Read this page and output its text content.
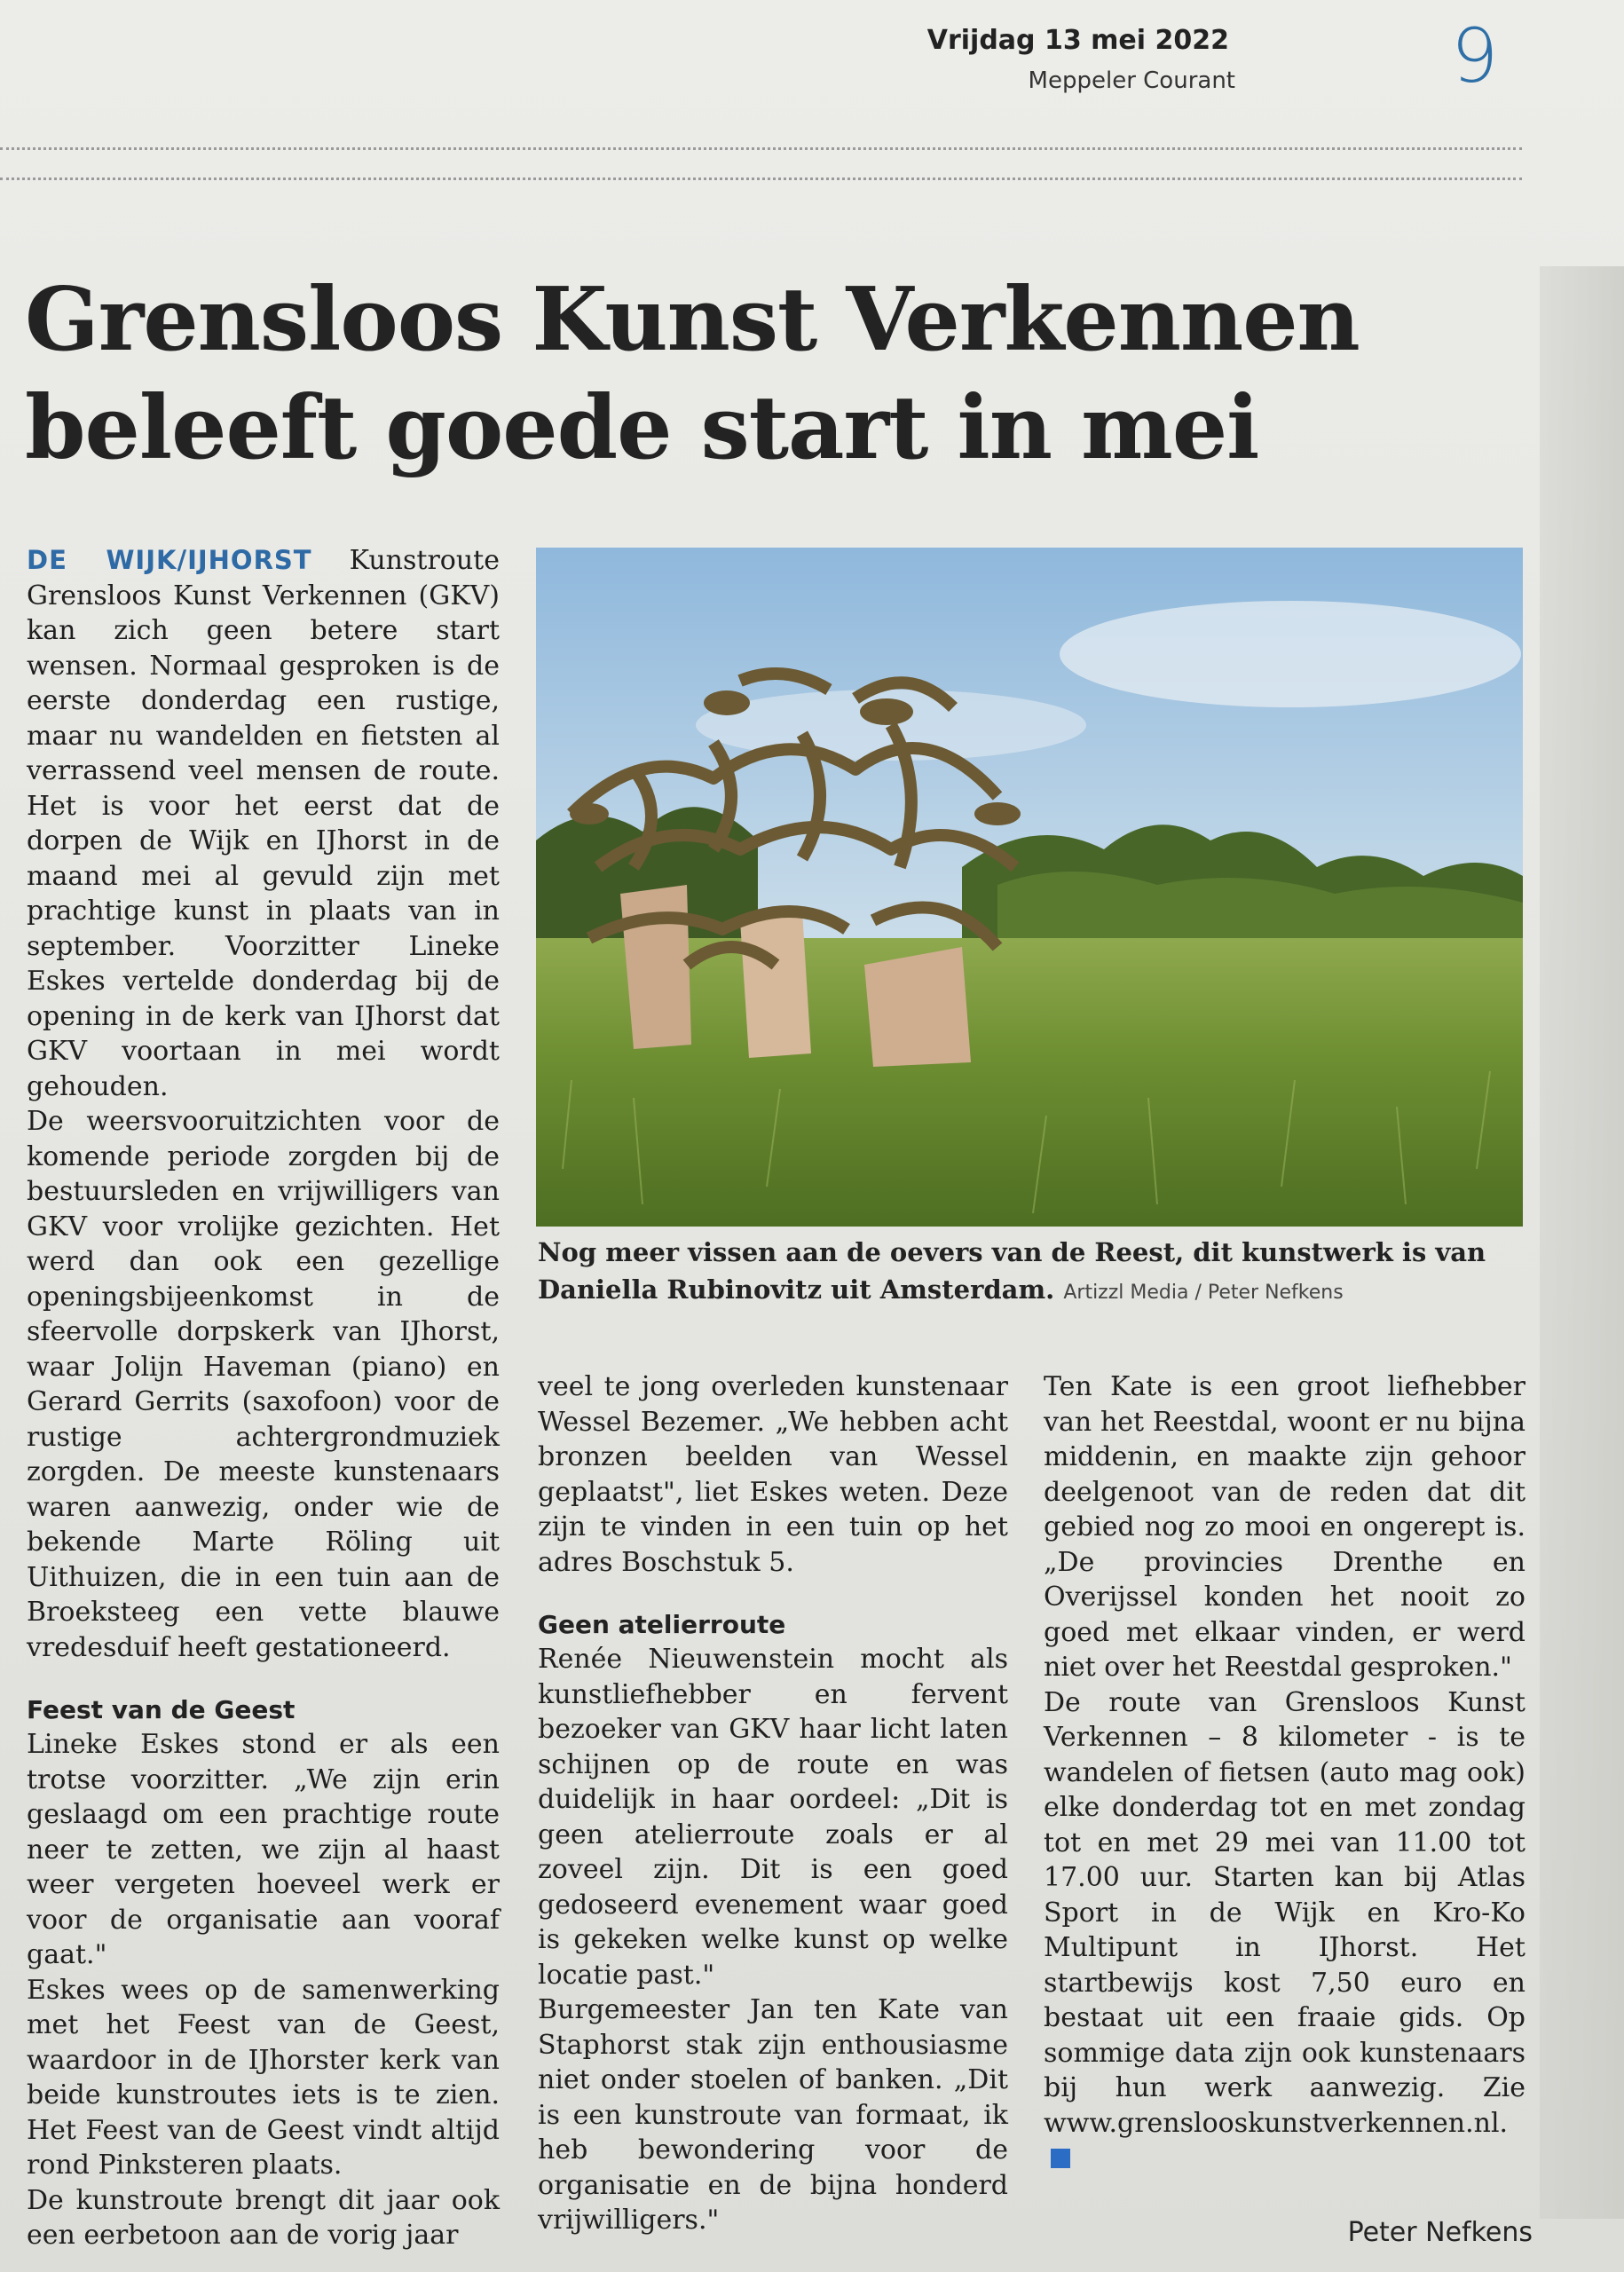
Vrijdag 13 mei 2022
Meppeler Courant	9
Grensloos Kunst Verkennen
beleeft goede start in mei

DE WIJK/IJHORST Kunstroute Grensloos Kunst Verkennen (GKV) kan zich geen betere start wensen. Normaal gesproken is de eerste donderdag een rustige, maar nu wandelden en fietsten al verrassend veel mensen de route. Het is voor het eerst dat de dorpen de Wijk en IJhorst in de maand mei al gevuld zijn met prachtige kunst in plaats van in september. Voorzitter Lineke Eskes vertelde donderdag bij de opening in de kerk van IJhorst dat GKV voortaan in mei wordt gehouden.

De weersvooruitzichten voor de komende periode zorgden bij de bestuursleden en vrijwilligers van GKV voor vrolijke gezichten. Het werd dan ook een gezellige openingsbijeenkomst in de sfeervolle dorpskerk van IJhorst, waar Jolijn Haveman (piano) en Gerard Gerrits (saxofoon) voor de rustige achtergrondmuziek zorgden. De meeste kunstenaars waren aanwezig, onder wie de bekende Marte Röling uit Uithuizen, die in een tuin aan de Broeksteeg een vette blauwe vredesduif heeft gestationeerd.

Feest van de Geest

Lineke Eskes stond er als een trotse voorzitter. „We zijn erin geslaagd om een prachtige route neer te zetten, we zijn al haast weer vergeten hoeveel werk er voor de organisatie aan vooraf gaat."

Eskes wees op de samenwerking met het Feest van de Geest, waardoor in de IJhorster kerk van beide kunstroutes iets is te zien. Het Feest van de Geest vindt altijd rond Pinksteren plaats.

De kunstroute brengt dit jaar ook een eerbetoon aan de vorig jaar

Nog meer vissen aan de oevers van de Reest, dit kunstwerk is van Daniella Rubinovitz uit Amsterdam. Artizzl Media / Peter Nefkens

veel te jong overleden kunstenaar Wessel Bezemer. „We hebben acht bronzen beelden van Wessel geplaatst", liet Eskes weten. Deze zijn te vinden in een tuin op het adres Boschstuk 5.

Geen atelierroute

Renée Nieuwenstein mocht als kunstliefhebber en fervent bezoeker van GKV haar licht laten schijnen op de route en was duidelijk in haar oordeel: „Dit is geen atelierroute zoals er al zoveel zijn. Dit is een goed gedoseerd evenement waar goed is gekeken welke kunst op welke locatie past."

Burgemeester Jan ten Kate van Staphorst stak zijn enthousiasme niet onder stoelen of banken. „Dit is een kunstroute van formaat, ik heb bewondering voor de organisatie en de bijna honderd vrijwilligers."

Ten Kate is een groot liefhebber van het Reestdal, woont er nu bijna middenin, en maakte zijn gehoor deelgenoot van de reden dat dit gebied nog zo mooi en ongerept is. „De provincies Drenthe en Overijssel konden het nooit zo goed met elkaar vinden, er werd niet over het Reestdal gesproken."

De route van Grensloos Kunst Verkennen – 8 kilometer - is te wandelen of fietsen (auto mag ook) elke donderdag tot en met zondag tot en met 29 mei van 11.00 tot 17.00 uur. Starten kan bij Atlas Sport in de Wijk en Kro-Ko Multipunt in IJhorst. Het startbewijs kost 7,50 euro en bestaat uit een fraaie gids. Op sommige data zijn ook kunstenaars bij hun werk aanwezig. Zie www.grenslooskunstverkennen.nl.

Peter Nefkens
